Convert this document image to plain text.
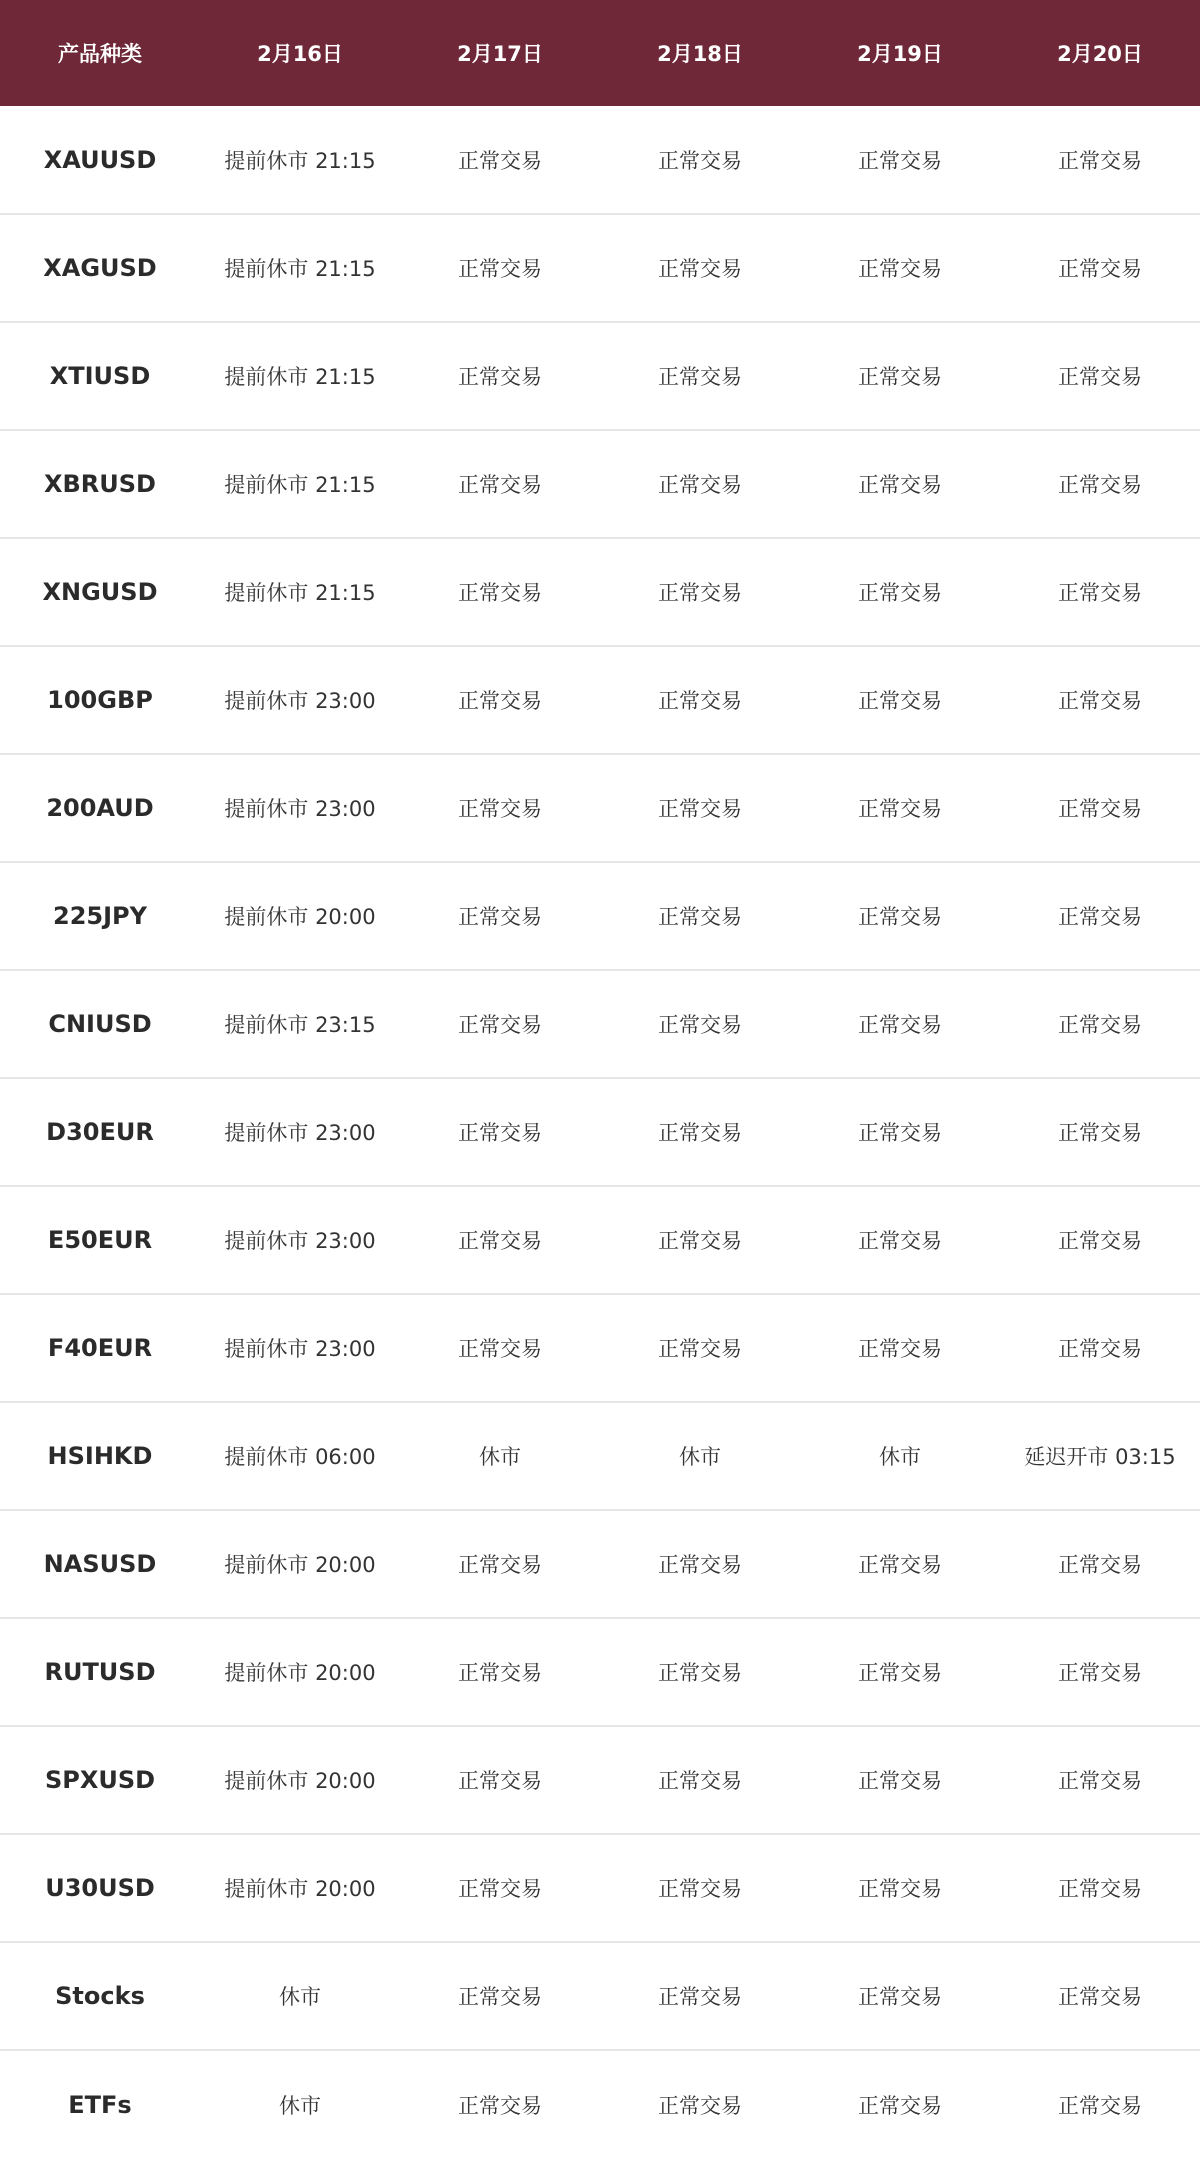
产品种类	2月16日	2月17日	2月18日	2月19日	2月20日
XAUUSD	提前休市 21:15	正常交易	正常交易	正常交易	正常交易
XAGUSD	提前休市 21:15	正常交易	正常交易	正常交易	正常交易
XTIUSD	提前休市 21:15	正常交易	正常交易	正常交易	正常交易
XBRUSD	提前休市 21:15	正常交易	正常交易	正常交易	正常交易
XNGUSD	提前休市 21:15	正常交易	正常交易	正常交易	正常交易
100GBP	提前休市 23:00	正常交易	正常交易	正常交易	正常交易
200AUD	提前休市 23:00	正常交易	正常交易	正常交易	正常交易
225JPY	提前休市 20:00	正常交易	正常交易	正常交易	正常交易
CNIUSD	提前休市 23:15	正常交易	正常交易	正常交易	正常交易
D30EUR	提前休市 23:00	正常交易	正常交易	正常交易	正常交易
E50EUR	提前休市 23:00	正常交易	正常交易	正常交易	正常交易
F40EUR	提前休市 23:00	正常交易	正常交易	正常交易	正常交易
HSIHKD	提前休市 06:00	休市	休市	休市	延迟开市 03:15
NASUSD	提前休市 20:00	正常交易	正常交易	正常交易	正常交易
RUTUSD	提前休市 20:00	正常交易	正常交易	正常交易	正常交易
SPXUSD	提前休市 20:00	正常交易	正常交易	正常交易	正常交易
U30USD	提前休市 20:00	正常交易	正常交易	正常交易	正常交易
Stocks	休市	正常交易	正常交易	正常交易	正常交易
ETFs	休市	正常交易	正常交易	正常交易	正常交易
